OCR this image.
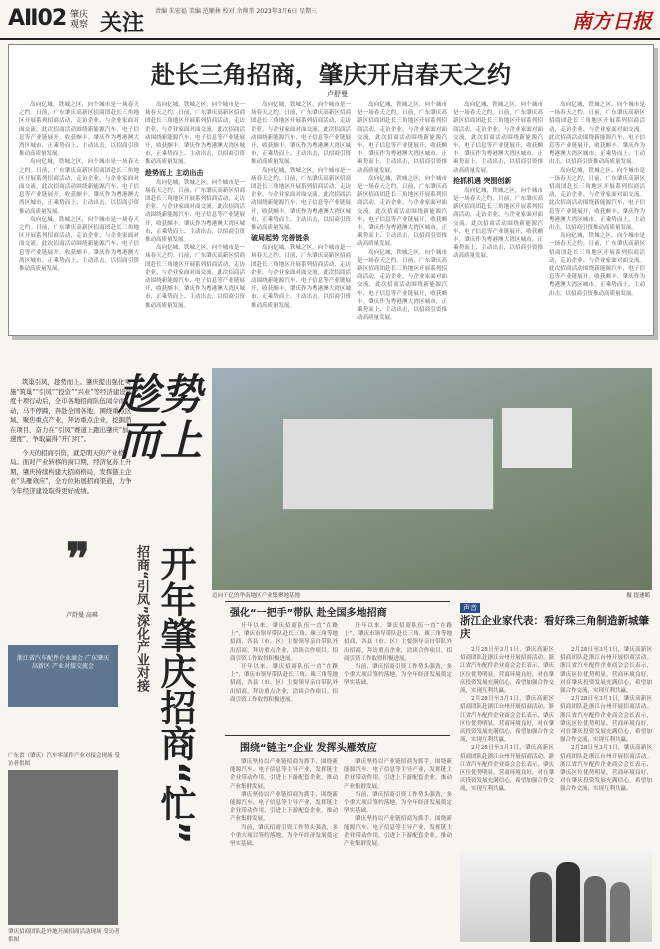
AⅡ02 肇庆观察 关注 责编 朱宏福 美编 范顺林 校对 余帅奎 2023年3月6日 星期三	南方日报
赴长三角招商，肇庆开启春天之约
卢舒曼

岛向亿城，铁城之区，向个城市是一场春天之约。日前，广东肇庆高新区招商团赴长三角地区开展系列招商活动，走访企业、与企业家面对面交流。此次招商活动围绕新能源汽车、电子信息等产业链展开，收获颇丰。肇庆作为粤港澳大湾区城市，正乘势而上、主动出击，以招商引资推动高质量发展。

岛向亿城，铁城之区，向个城市是一场春天之约。日前，广东肇庆高新区招商团赴长三角地区开展系列招商活动，走访企业、与企业家面对面交流。此次招商活动围绕新能源汽车、电子信息等产业链展开，收获颇丰。肇庆作为粤港澳大湾区城市，正乘势而上、主动出击，以招商引资推动高质量发展。

岛向亿城，铁城之区，向个城市是一场春天之约。日前，广东肇庆高新区招商团赴长三角地区开展系列招商活动，走访企业、与企业家面对面交流。此次招商活动围绕新能源汽车、电子信息等产业链展开，收获颇丰。肇庆作为粤港澳大湾区城市，正乘势而上、主动出击，以招商引资推动高质量发展。

岛向亿城，铁城之区，向个城市是一场春天之约。日前，广东肇庆高新区招商团赴长三角地区开展系列招商活动，走访企业、与企业家面对面交流。此次招商活动围绕新能源汽车、电子信息等产业链展开，收获颇丰。肇庆作为粤港澳大湾区城市，正乘势而上、主动出击，以招商引资推动高质量发展。

趁势而上 主动出击

岛向亿城，铁城之区，向个城市是一场春天之约。日前，广东肇庆高新区招商团赴长三角地区开展系列招商活动，走访企业、与企业家面对面交流。此次招商活动围绕新能源汽车、电子信息等产业链展开，收获颇丰。肇庆作为粤港澳大湾区城市，正乘势而上、主动出击，以招商引资推动高质量发展。

岛向亿城，铁城之区，向个城市是一场春天之约。日前，广东肇庆高新区招商团赴长三角地区开展系列招商活动，走访企业、与企业家面对面交流。此次招商活动围绕新能源汽车、电子信息等产业链展开，收获颇丰。肇庆作为粤港澳大湾区城市，正乘势而上、主动出击，以招商引资推动高质量发展。

岛向亿城，铁城之区，向个城市是一场春天之约。日前，广东肇庆高新区招商团赴长三角地区开展系列招商活动，走访企业、与企业家面对面交流。此次招商活动围绕新能源汽车、电子信息等产业链展开，收获颇丰。肇庆作为粤港澳大湾区城市，正乘势而上、主动出击，以招商引资推动高质量发展。

岛向亿城，铁城之区，向个城市是一场春天之约。日前，广东肇庆高新区招商团赴长三角地区开展系列招商活动，走访企业、与企业家面对面交流。此次招商活动围绕新能源汽车、电子信息等产业链展开，收获颇丰。肇庆作为粤港澳大湾区城市，正乘势而上、主动出击，以招商引资推动高质量发展。

破局起势 完善链条

岛向亿城，铁城之区，向个城市是一场春天之约。日前，广东肇庆高新区招商团赴长三角地区开展系列招商活动，走访企业、与企业家面对面交流。此次招商活动围绕新能源汽车、电子信息等产业链展开，收获颇丰。肇庆作为粤港澳大湾区城市，正乘势而上、主动出击，以招商引资推动高质量发展。

岛向亿城，铁城之区，向个城市是一场春天之约。日前，广东肇庆高新区招商团赴长三角地区开展系列招商活动，走访企业、与企业家面对面交流。此次招商活动围绕新能源汽车、电子信息等产业链展开，收获颇丰。肇庆作为粤港澳大湾区城市，正乘势而上、主动出击，以招商引资推动高质量发展。

岛向亿城，铁城之区，向个城市是一场春天之约。日前，广东肇庆高新区招商团赴长三角地区开展系列招商活动，走访企业、与企业家面对面交流。此次招商活动围绕新能源汽车、电子信息等产业链展开，收获颇丰。肇庆作为粤港澳大湾区城市，正乘势而上、主动出击，以招商引资推动高质量发展。

岛向亿城，铁城之区，向个城市是一场春天之约。日前，广东肇庆高新区招商团赴长三角地区开展系列招商活动，走访企业、与企业家面对面交流。此次招商活动围绕新能源汽车、电子信息等产业链展开，收获颇丰。肇庆作为粤港澳大湾区城市，正乘势而上、主动出击，以招商引资推动高质量发展。

岛向亿城，铁城之区，向个城市是一场春天之约。日前，广东肇庆高新区招商团赴长三角地区开展系列招商活动，走访企业、与企业家面对面交流。此次招商活动围绕新能源汽车、电子信息等产业链展开，收获颇丰。肇庆作为粤港澳大湾区城市，正乘势而上、主动出击，以招商引资推动高质量发展。

抢抓机遇 突围创新

岛向亿城，铁城之区，向个城市是一场春天之约。日前，广东肇庆高新区招商团赴长三角地区开展系列招商活动，走访企业、与企业家面对面交流。此次招商活动围绕新能源汽车、电子信息等产业链展开，收获颇丰。肇庆作为粤港澳大湾区城市，正乘势而上、主动出击，以招商引资推动高质量发展。

岛向亿城，铁城之区，向个城市是一场春天之约。日前，广东肇庆高新区招商团赴长三角地区开展系列招商活动，走访企业、与企业家面对面交流。此次招商活动围绕新能源汽车、电子信息等产业链展开，收获颇丰。肇庆作为粤港澳大湾区城市，正乘势而上、主动出击，以招商引资推动高质量发展。

岛向亿城，铁城之区，向个城市是一场春天之约。日前，广东肇庆高新区招商团赴长三角地区开展系列招商活动，走访企业、与企业家面对面交流。此次招商活动围绕新能源汽车、电子信息等产业链展开，收获颇丰。肇庆作为粤港澳大湾区城市，正乘势而上、主动出击，以招商引资推动高质量发展。

岛向亿城，铁城之区，向个城市是一场春天之约。日前，广东肇庆高新区招商团赴长三角地区开展系列招商活动，走访企业、与企业家面对面交流。此次招商活动围绕新能源汽车、电子信息等产业链展开，收获颇丰。肇庆作为粤港澳大湾区城市，正乘势而上、主动出击，以招商引资推动高质量发展。

筑巢引凤，趁势而上。肇庆提出强化实施“筑巢”“引凤”“投资”“兴业”等经济建设年度十项行动后，全市各地招商队伍闻令而动，马不停蹄，奔赴全国各地，围绕重点区域、聚焦重点产业，拜访重点企业，挖掘潜在项目，奋力在“引凤”赛道上跑出肇庆“加速度”，争取赢得“开门红”。

今天的招商引资，就是明天的产业格局。面对产业转移的窗口期，经济复苏上升期，肇庆持续构建大招商格局，发挥链主企业“头雁效应”，全方位拓展招商渠道，力争今年经济建设取得更好成绩。

❞
卢舒曼 高琪
浙江省汽车配件企业商会 广东肇庆高新区 产业对接交流会
广东省（肇庆）汽车零部件产业对接会现场 受访者供图
肇庆招商团队赴外地开展招商活动现场 受访者供图
趁势而上
开年肇庆招商“忙”
招商“引凤”深化产业对接	迈向千亿的华南地区产业集聚地基地	摄 提速鹤
强化“一把手”带队 赴全国多地招商

开年以来，肇庆招商队伍一直“在路上”，肇庆市领导带队赴长三角、珠三角等地招商，各县（市、区）主要领导亲自带队外出招商，拜访重点企业，洽谈合作项目。招商引资工作取得积极进展。

开年以来，肇庆招商队伍一直“在路上”，肇庆市领导带队赴长三角、珠三角等地招商，各县（市、区）主要领导亲自带队外出招商，拜访重点企业，洽谈合作项目。招商引资工作取得积极进展。

开年以来，肇庆招商队伍一直“在路上”，肇庆市领导带队赴长三角、珠三角等地招商，各县（市、区）主要领导亲自带队外出招商，拜访重点企业，洽谈合作项目。招商引资工作取得积极进展。

当前，肇庆招商引资工作势头强劲，多个重大项目签约落地，为全年经济发展奠定坚实基础。

围绕“链主”企业 发挥头雁效应

肇庆坚持以产业链招商为抓手，围绕新能源汽车、电子信息等主导产业，发挥链主企业带动作用，引进上下游配套企业，推动产业集群发展。

肇庆坚持以产业链招商为抓手，围绕新能源汽车、电子信息等主导产业，发挥链主企业带动作用，引进上下游配套企业，推动产业集群发展。

当前，肇庆招商引资工作势头强劲，多个重大项目签约落地，为全年经济发展奠定坚实基础。

肇庆坚持以产业链招商为抓手，围绕新能源汽车、电子信息等主导产业，发挥链主企业带动作用，引进上下游配套企业，推动产业集群发展。

当前，肇庆招商引资工作势头强劲，多个重大项目签约落地，为全年经济发展奠定坚实基础。

肇庆坚持以产业链招商为抓手，围绕新能源汽车、电子信息等主导产业，发挥链主企业带动作用，引进上下游配套企业，推动产业集群发展。

声音
浙江企业家代表：看好珠三角制造新城肇庆

2月28日至3月1日，肇庆高新区招商团队赴浙江台州开展招商活动。浙江省汽车配件企业商会会长表示，肇庆区位优势明显，营商环境良好，对在肇庆投资发展充满信心，希望加强合作交流，实现互利共赢。

2月28日至3月1日，肇庆高新区招商团队赴浙江台州开展招商活动。浙江省汽车配件企业商会会长表示，肇庆区位优势明显，营商环境良好，对在肇庆投资发展充满信心，希望加强合作交流，实现互利共赢。

2月28日至3月1日，肇庆高新区招商团队赴浙江台州开展招商活动。浙江省汽车配件企业商会会长表示，肇庆区位优势明显，营商环境良好，对在肇庆投资发展充满信心，希望加强合作交流，实现互利共赢。

2月28日至3月1日，肇庆高新区招商团队赴浙江台州开展招商活动。浙江省汽车配件企业商会会长表示，肇庆区位优势明显，营商环境良好，对在肇庆投资发展充满信心，希望加强合作交流，实现互利共赢。

2月28日至3月1日，肇庆高新区招商团队赴浙江台州开展招商活动。浙江省汽车配件企业商会会长表示，肇庆区位优势明显，营商环境良好，对在肇庆投资发展充满信心，希望加强合作交流，实现互利共赢。

2月28日至3月1日，肇庆高新区招商团队赴浙江台州开展招商活动。浙江省汽车配件企业商会会长表示，肇庆区位优势明显，营商环境良好，对在肇庆投资发展充满信心，希望加强合作交流，实现互利共赢。
